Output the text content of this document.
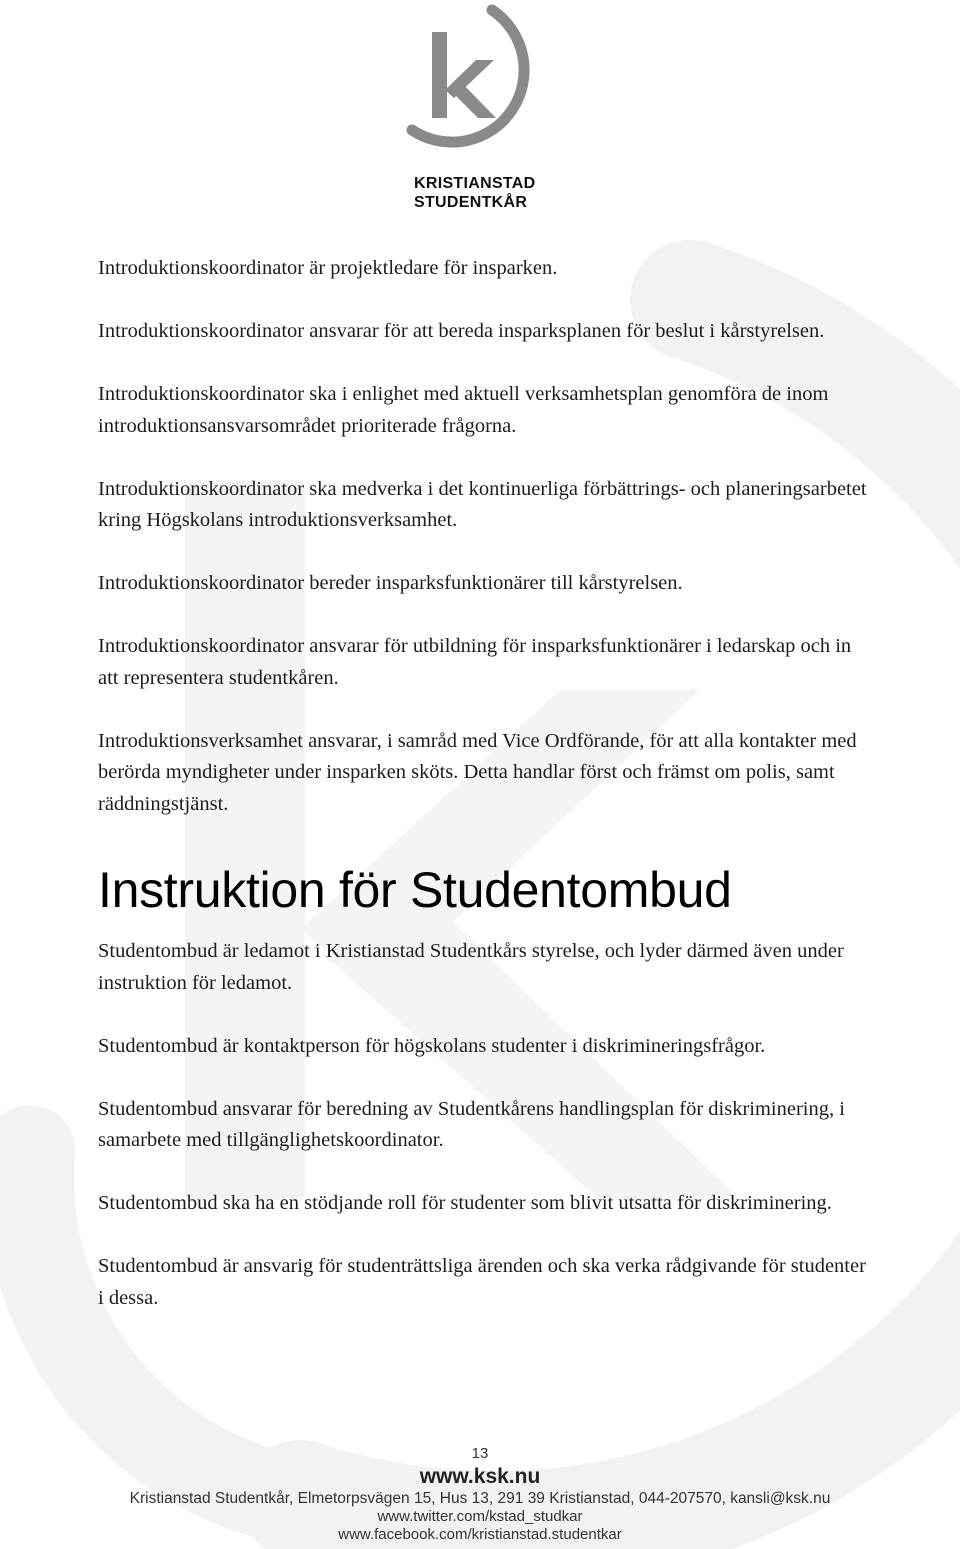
KRISTIANSTAD
STUDENTKÅR

Introduktionskoordinator är projektledare för insparken.

Introduktionskoordinator ansvarar för att bereda insparksplanen för beslut i kårstyrelsen.

Introduktionskoordinator ska i enlighet med aktuell verksamhetsplan genomföra de inom introduktionsansvarsområdet prioriterade frågorna.

Introduktionskoordinator ska medverka i det kontinuerliga förbättrings- och planeringsarbetet kring Högskolans introduktionsverksamhet.

Introduktionskoordinator bereder insparksfunktionärer till kårstyrelsen.

Introduktionskoordinator ansvarar för utbildning för insparksfunktionärer i ledarskap och in att representera studentkåren.

Introduktionsverksamhet ansvarar, i samråd med Vice Ordförande, för att alla kontakter med berörda myndigheter under insparken sköts. Detta handlar först och främst om polis, samt räddningstjänst.

Instruktion för Studentombud

Studentombud är ledamot i Kristianstad Studentkårs styrelse, och lyder därmed även under instruktion för ledamot.

Studentombud är kontaktperson för högskolans studenter i diskrimineringsfrågor.

Studentombud ansvarar för beredning av Studentkårens handlingsplan för diskriminering, i samarbete med tillgänglighetskoordinator.

Studentombud ska ha en stödjande roll för studenter som blivit utsatta för diskriminering.

Studentombud är ansvarig för studenträttsliga ärenden och ska verka rådgivande för studenter i dessa.

13
www.ksk.nu
Kristianstad Studentkår, Elmetorpsvägen 15, Hus 13, 291 39 Kristianstad, 044-207570, kansli@ksk.nu
www.twitter.com/kstad_studkar
www.facebook.com/kristianstad.studentkar
